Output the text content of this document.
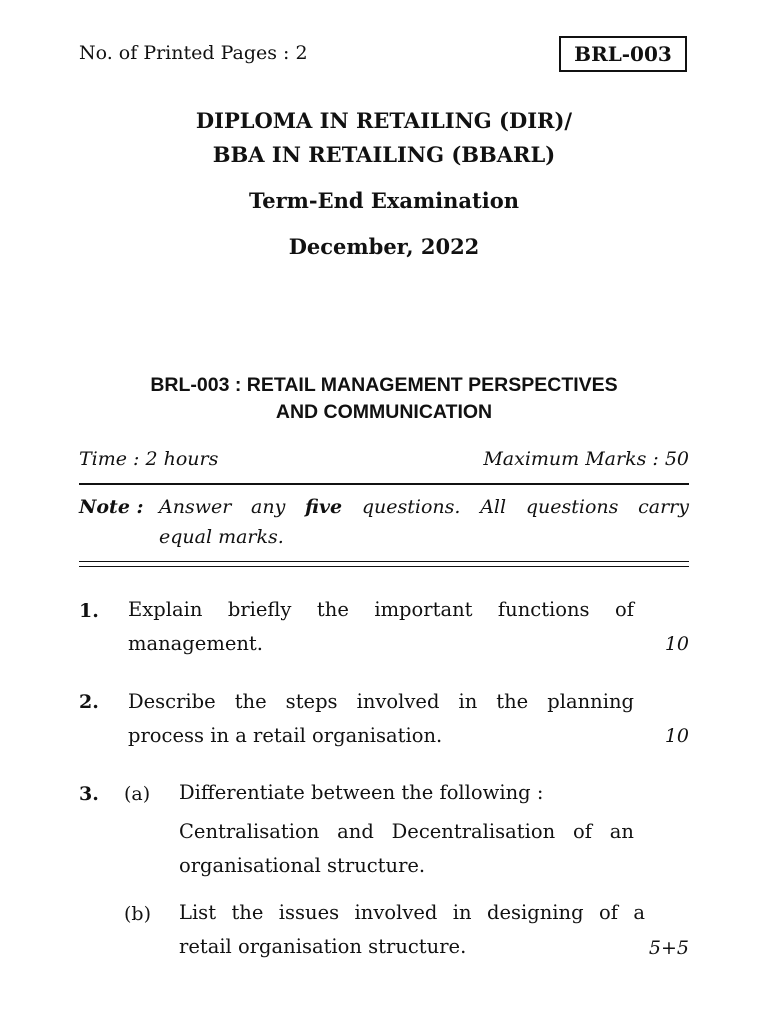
No. of Printed Pages : 2	BRL-003
DIPLOMA IN RETAILING (DIR)/
BBA IN RETAILING (BBARL)
Term-End Examination
December, 2022
BRL-003 : RETAIL MANAGEMENT PERSPECTIVES
AND COMMUNICATION
Time : 2 hours	Maximum Marks : 50
Note : Answer any five questions. All questions carry
equal marks.
1. Explain briefly the important functions of
management.	10
2. Describe the steps involved in the planning
process in a retail organisation.	10
3. (a) Differentiate between the following :
Centralisation and Decentralisation of an
organisational structure.
(b) List the issues involved in designing of a
retail organisation structure.	5+5
